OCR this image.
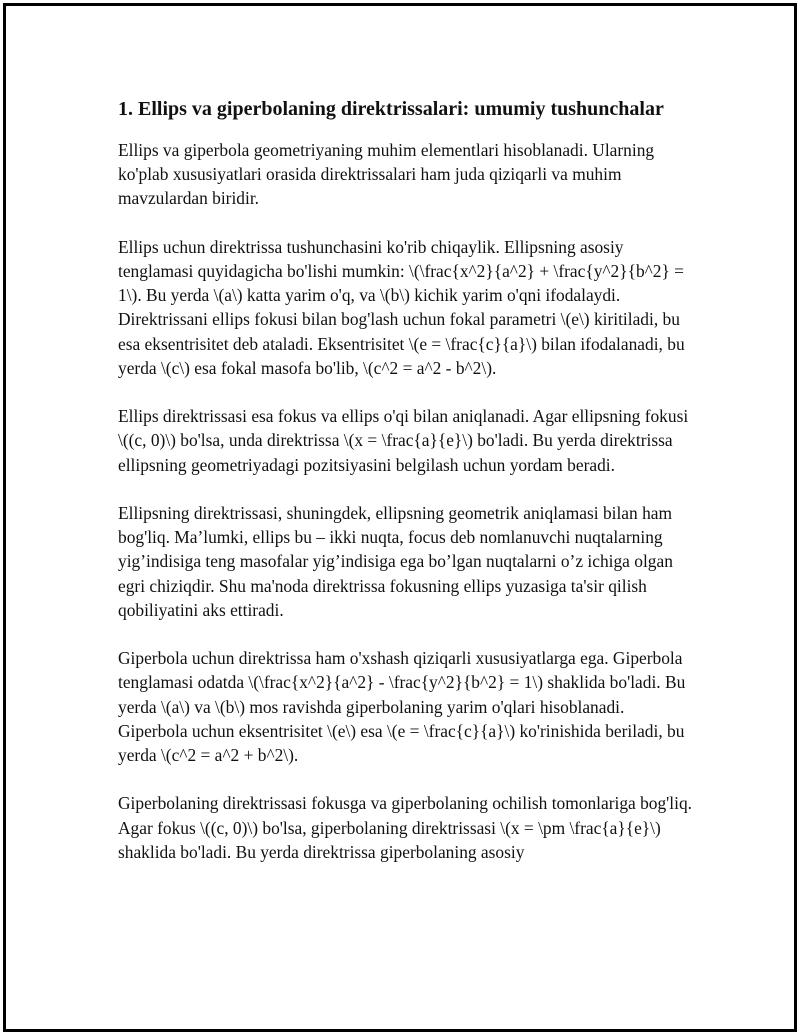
1. Ellips va giperbolaning direktrissalari: umumiy tushunchalar

Ellips va giperbola geometriyaning muhim elementlari hisoblanadi. Ularning ko'plab xususiyatlari orasida direktrissalari ham juda qiziqarli va muhim mavzulardan biridir.

Ellips uchun direktrissa tushunchasini ko'rib chiqaylik. Ellipsning asosiy tenglamasi quyidagicha bo'lishi mumkin: \(\frac{x^2}{a^2} + \frac{y^2}{b^2} = 1\). Bu yerda \(a\) katta yarim o'q, va \(b\) kichik yarim o'qni ifodalaydi. Direktrissani ellips fokusi bilan bog'lash uchun fokal parametri \(e\) kiritiladi, bu esa eksentrisitet deb ataladi. Eksentrisitet \(e = \frac{c}{a}\) bilan ifodalanadi, bu yerda \(c\) esa fokal masofa bo'lib, \(c^2 = a^2 - b^2\).

Ellips direktrissasi esa fokus va ellips o'qi bilan aniqlanadi. Agar ellipsning fokusi \((c, 0)\) bo'lsa, unda direktrissa \(x = \frac{a}{e}\) bo'ladi. Bu yerda direktrissa ellipsning geometriyadagi pozitsiyasini belgilash uchun yordam beradi.

Ellipsning direktrissasi, shuningdek, ellipsning geometrik aniqlamasi bilan ham bog'liq. Ma’lumki, ellips bu – ikki nuqta, focus deb nomlanuvchi nuqtalarning yig’indisiga teng masofalar yig’indisiga ega bo’lgan nuqtalarni o’z ichiga olgan egri chiziqdir. Shu ma'noda direktrissa fokusning ellips yuzasiga ta'sir qilish qobiliyatini aks ettiradi.

Giperbola uchun direktrissa ham o'xshash qiziqarli xususiyatlarga ega. Giperbola tenglamasi odatda \(\frac{x^2}{a^2} - \frac{y^2}{b^2} = 1\) shaklida bo'ladi. Bu yerda \(a\) va \(b\) mos ravishda giperbolaning yarim o'qlari hisoblanadi. Giperbola uchun eksentrisitet \(e\) esa \(e = \frac{c}{a}\) ko'rinishida beriladi, bu yerda \(c^2 = a^2 + b^2\).

Giperbolaning direktrissasi fokusga va giperbolaning ochilish tomonlariga bog'liq. Agar fokus \((c, 0)\) bo'lsa, giperbolaning direktrissasi \(x = \pm \frac{a}{e}\) shaklida bo'ladi. Bu yerda direktrissa giperbolaning asosiy
